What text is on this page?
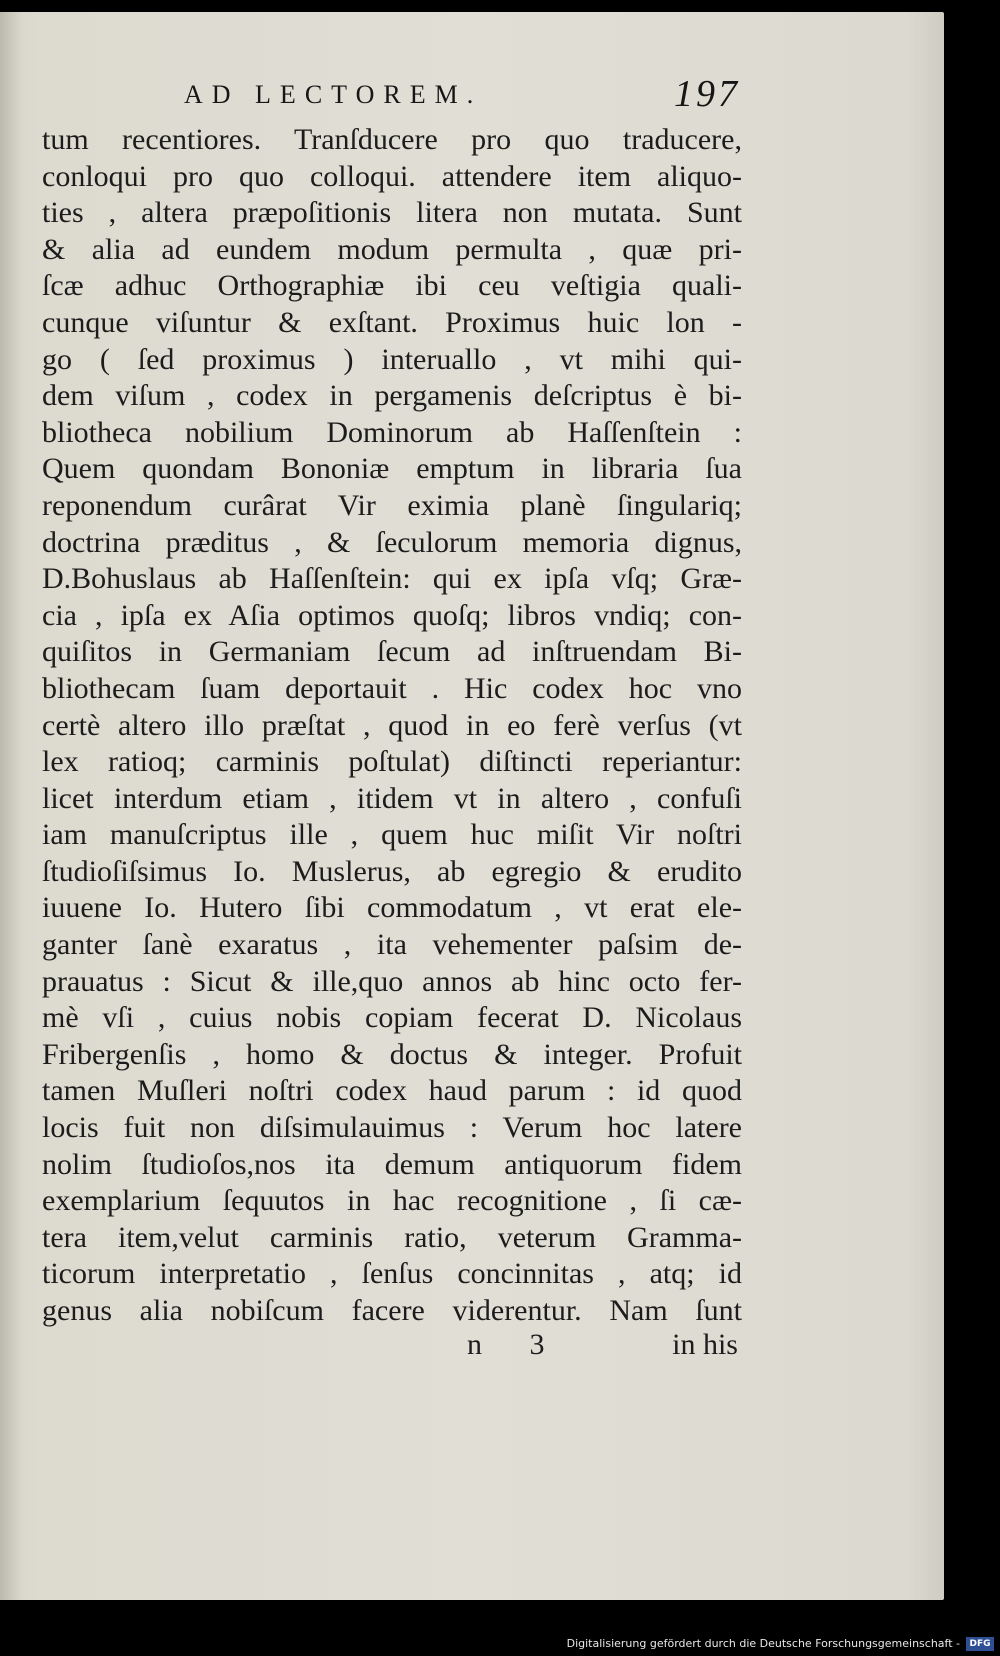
AD LECTOREM.	197
tum recentiores. Tranſducere pro quo traducere,
conloqui pro quo colloqui. attendere item aliquo-
ties , altera præpoſitionis litera non mutata. Sunt
& alia ad eundem modum permulta , quæ pri-
ſcæ adhuc Orthographiæ ibi ceu veſtigia quali-
cunque viſuntur & exſtant. Proximus huic lon -
go ( ſed proximus ) interuallo , vt mihi qui-
dem viſum , codex in pergamenis deſcriptus è bi-
bliotheca nobilium Dominorum ab Haſſenſtein :
Quem quondam Bononiæ emptum in libraria ſua
reponendum curârat Vir eximia planè ſingulariq;
doctrina præditus , & ſeculorum memoria dignus,
D.Bohuslaus ab Haſſenſtein: qui ex ipſa vſq; Græ-
cia , ipſa ex Aſia optimos quoſq; libros vndiq; con-
quiſitos in Germaniam ſecum ad inſtruendam Bi-
bliothecam ſuam deportauit . Hic codex hoc vno
certè altero illo præſtat , quod in eo ferè verſus (vt
lex ratioq; carminis poſtulat) diſtincti reperiantur:
licet interdum etiam , itidem vt in altero , confuſi
iam manuſcriptus ille , quem huc miſit Vir noſtri
ſtudioſiſsimus Io. Muslerus, ab egregio & erudito
iuuene Io. Hutero ſibi commodatum , vt erat ele-
ganter ſanè exaratus , ita vehementer paſsim de-
prauatus : Sicut & ille,quo annos ab hinc octo fer-
mè vſi , cuius nobis copiam fecerat D. Nicolaus
Fribergenſis , homo & doctus & integer. Profuit
tamen Muſleri noſtri codex haud parum : id quod
locis fuit non diſsimulauimus : Verum hoc latere
nolim ſtudioſos,nos ita demum antiquorum fidem
exemplarium ſequutos in hac recognitione , ſi cæ-
tera item,velut carminis ratio, veterum Gramma-
ticorum interpretatio , ſenſus concinnitas , atq; id
genus alia nobiſcum facere viderentur. Nam ſunt
n 3	in his
Digitalisierung gefördert durch die Deutsche Forschungsgemeinschaft -	DFG
